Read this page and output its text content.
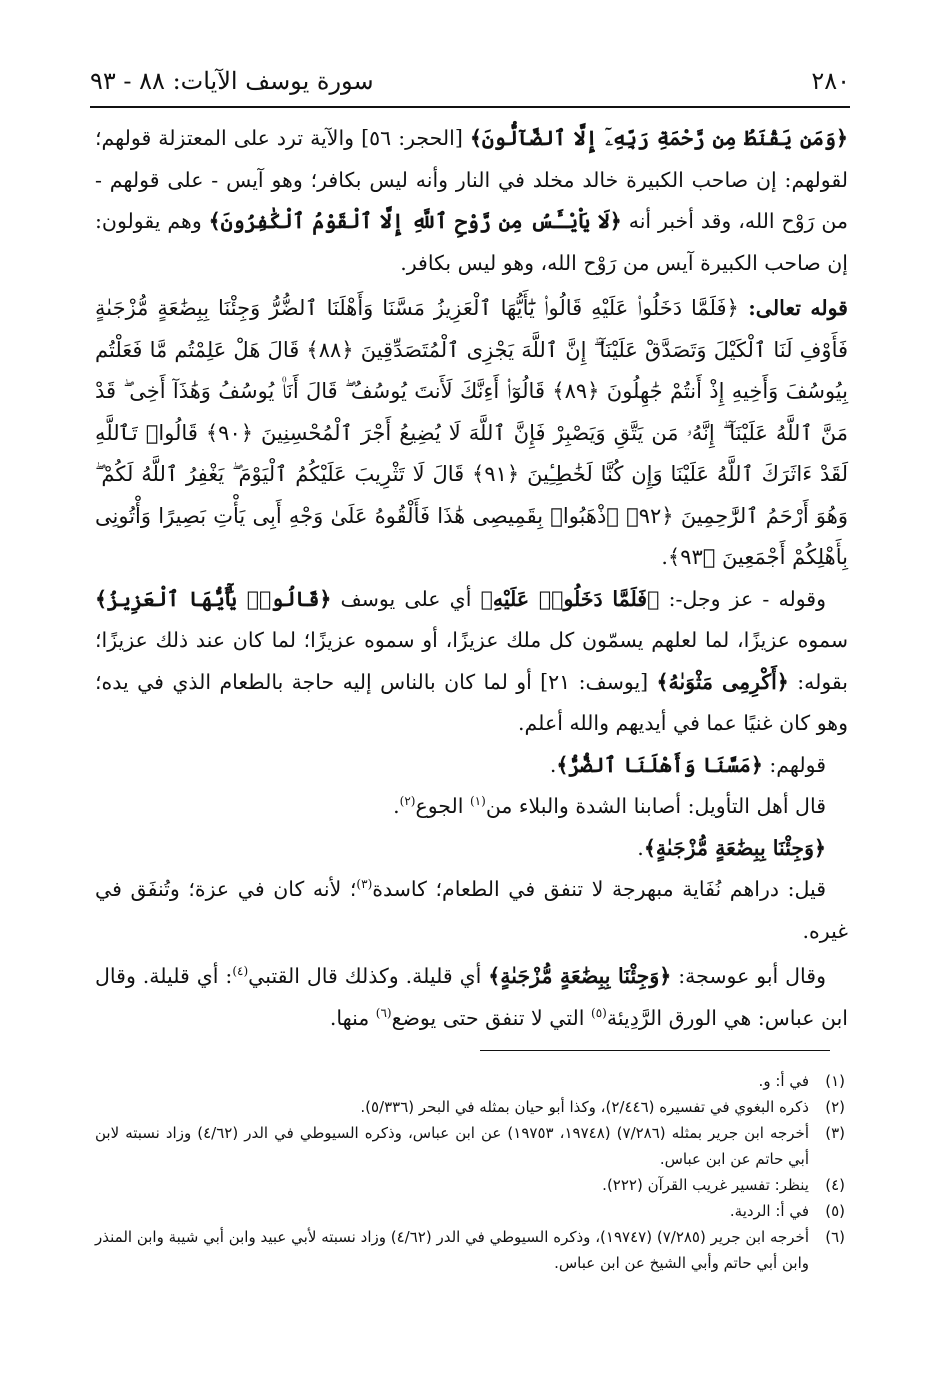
٢٨٠
سورة يوسف الآيات: ٨٨ - ٩٣

﴿وَمَن يَقْنَطُ مِن رَّحْمَةِ رَبِّهِۦٓ إِلَّا ٱلضَّآلُّونَ﴾ [الحجر: ٥٦] والآية ترد على المعتزلة قولهم؛ لقولهم: إن صاحب الكبيرة خالد مخلد في النار وأنه ليس بكافر؛ وهو آيس - على قولهم - من رَوْح الله، وقد أخبر أنه ﴿لَا يَاْيْـَٔسُ مِن رَّوْحِ ٱللَّهِ إِلَّا ٱلْقَوْمُ ٱلْكَٰفِرُونَ﴾ وهم يقولون: إن صاحب الكبيرة آيس من رَوْح الله، وهو ليس بكافر.

قوله تعالى: ﴿فَلَمَّا دَخَلُوا۟ عَلَيْهِ قَالُوا۟ يَٰٓأَيُّهَا ٱلْعَزِيزُ مَسَّنَا وَأَهْلَنَا ٱلضُّرُّ وَجِئْنَا بِبِضَٰعَةٍ مُّزْجَىٰةٍ فَأَوْفِ لَنَا ٱلْكَيْلَ وَتَصَدَّقْ عَلَيْنَآ ۖ إِنَّ ٱللَّهَ يَجْزِى ٱلْمُتَصَدِّقِينَ ﴿٨٨﴾ قَالَ هَلْ عَلِمْتُم مَّا فَعَلْتُم بِيُوسُفَ وَأَخِيهِ إِذْ أَنتُمْ جَٰهِلُونَ ﴿٨٩﴾ قَالُوٓا۟ أَءِنَّكَ لَأَنتَ يُوسُفُ ۖ قَالَ أَنَا۠ يُوسُفُ وَهَٰذَآ أَخِى ۖ قَدْ مَنَّ ٱللَّهُ عَلَيْنَآ ۖ إِنَّهُۥ مَن يَتَّقِ وَيَصْبِرْ فَإِنَّ ٱللَّهَ لَا يُضِيعُ أَجْرَ ٱلْمُحْسِنِينَ ﴿٩٠﴾ قَالُوا۟ تَٱللَّهِ لَقَدْ ءَاثَرَكَ ٱللَّهُ عَلَيْنَا وَإِن كُنَّا لَخَٰطِـِٔينَ ﴿٩١﴾ قَالَ لَا تَثْرِيبَ عَلَيْكُمُ ٱلْيَوْمَ ۖ يَغْفِرُ ٱللَّهُ لَكُمْ ۖ وَهُوَ أَرْحَمُ ٱلرَّٰحِمِينَ ﴿٩٢﴾ ٱذْهَبُوا۟ بِقَمِيصِى هَٰذَا فَأَلْقُوهُ عَلَىٰ وَجْهِ أَبِى يَأْتِ بَصِيرًا وَأْتُونِى بِأَهْلِكُمْ أَجْمَعِينَ ﴿٩٣﴾.

وقوله - عز وجل-: ﴿فَلَمَّا دَخَلُوا۟ عَلَيْهِ﴾ أي على يوسف ﴿قَالُوا۟ يَٰٓأَيُّهَا ٱلْعَزِيزُ﴾ سموه عزيزًا، لما لعلهم يسمّون كل ملك عزيزًا، أو سموه عزيزًا؛ لما كان عند ذلك عزيزًا؛ بقوله: ﴿أَكْرِمِى مَثْوَىٰهُ﴾ [يوسف: ٢١] أو لما كان بالناس إليه حاجة بالطعام الذي في يده؛ وهو كان غنيًا عما في أيديهم والله أعلم.

قولهم: ﴿مَسَّنَا وَأَهْلَنَا ٱلضُّرُّ﴾.

قال أهل التأويل: أصابنا الشدة والبلاء من$^{(١)}$ الجوع$^{(٢)}$.

﴿وَجِئْنَا بِبِضَٰعَةٍ مُّزْجَىٰةٍ﴾.

قيل: دراهم نُفَاية مبهرجة لا تنفق في الطعام؛ كاسدة$^{(٣)}$؛ لأنه كان في عزة؛ وتُنفَق في غيره.

وقال أبو عوسجة: ﴿وَجِئْنَا بِبِضَٰعَةٍ مُّزْجَىٰةٍ﴾ أي قليلة. وكذلك قال القتبي$^{(٤)}$: أي قليلة. وقال ابن عباس: هي الورق الرَّدِيئة$^{(٥)}$ التي لا تنفق حتى يوضع$^{(٦)}$ منها.

(١)
في أ: و.
(٢)
ذكره البغوي في تفسيره (٢/٤٤٦)، وكذا أبو حيان بمثله في البحر (٥/٣٣٦).
(٣)
أخرجه ابن جرير بمثله (٧/٢٨٦) (١٩٧٤٨، ١٩٧٥٣) عن ابن عباس، وذكره السيوطي في الدر (٤/٦٢) وزاد نسبته لابن أبي حاتم عن ابن عباس.
(٤)
ينظر: تفسير غريب القرآن (٢٢٢).
(٥)
في أ: الردية.
(٦)
أخرجه ابن جرير (٧/٢٨٥) (١٩٧٤٧)، وذكره السيوطي في الدر (٤/٦٢) وزاد نسبته لأبي عبيد وابن أبي شيبة وابن المنذر وابن أبي حاتم وأبي الشيخ عن ابن عباس.
